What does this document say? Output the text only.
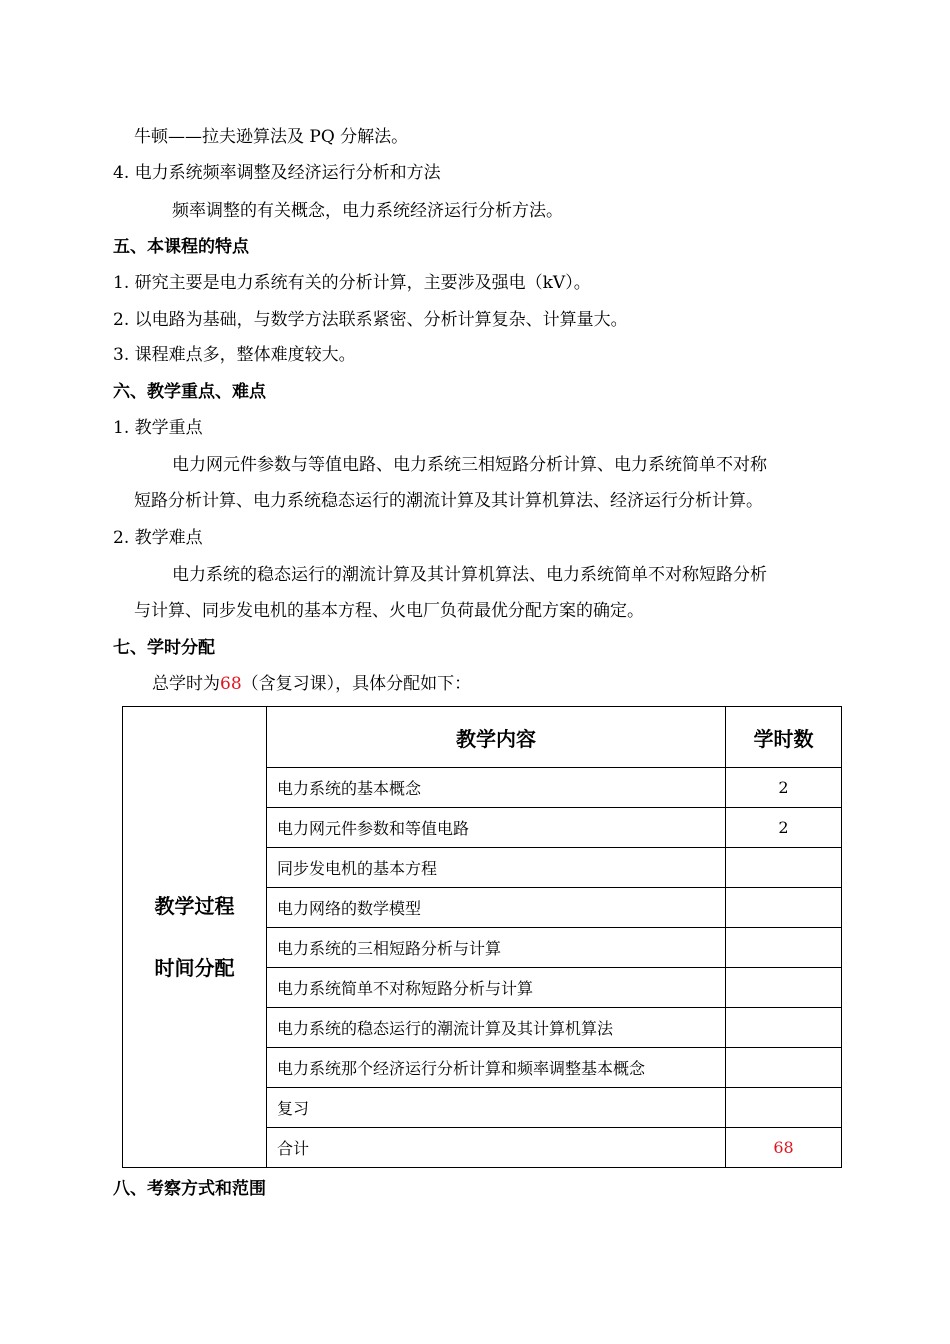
牛顿——拉夫逊算法及 PQ 分解法。
4. 电力系统频率调整及经济运行分析和方法
频率调整的有关概念，电力系统经济运行分析方法。
五、本课程的特点
1. 研究主要是电力系统有关的分析计算，主要涉及强电（kV）。
2. 以电路为基础，与数学方法联系紧密、分析计算复杂、计算量大。
3. 课程难点多，整体难度较大。
六、教学重点、难点
1. 教学重点
电力网元件参数与等值电路、电力系统三相短路分析计算、电力系统简单不对称
短路分析计算、电力系统稳态运行的潮流计算及其计算机算法、经济运行分析计算。
2. 教学难点
电力系统的稳态运行的潮流计算及其计算机算法、电力系统简单不对称短路分析
与计算、同步发电机的基本方程、火电厂负荷最优分配方案的确定。
七、学时分配
总学时为68（含复习课），具体分配如下：
教学过程
时间分配	教学内容	学时数
	电力系统的基本概念	2
	电力网元件参数和等值电路	2
	同步发电机的基本方程	
	电力网络的数学模型	
	电力系统的三相短路分析与计算	
	电力系统简单不对称短路分析与计算	
	电力系统的稳态运行的潮流计算及其计算机算法	
	电力系统那个经济运行分析计算和频率调整基本概念	
	复习	
	合计	68
八、考察方式和范围
